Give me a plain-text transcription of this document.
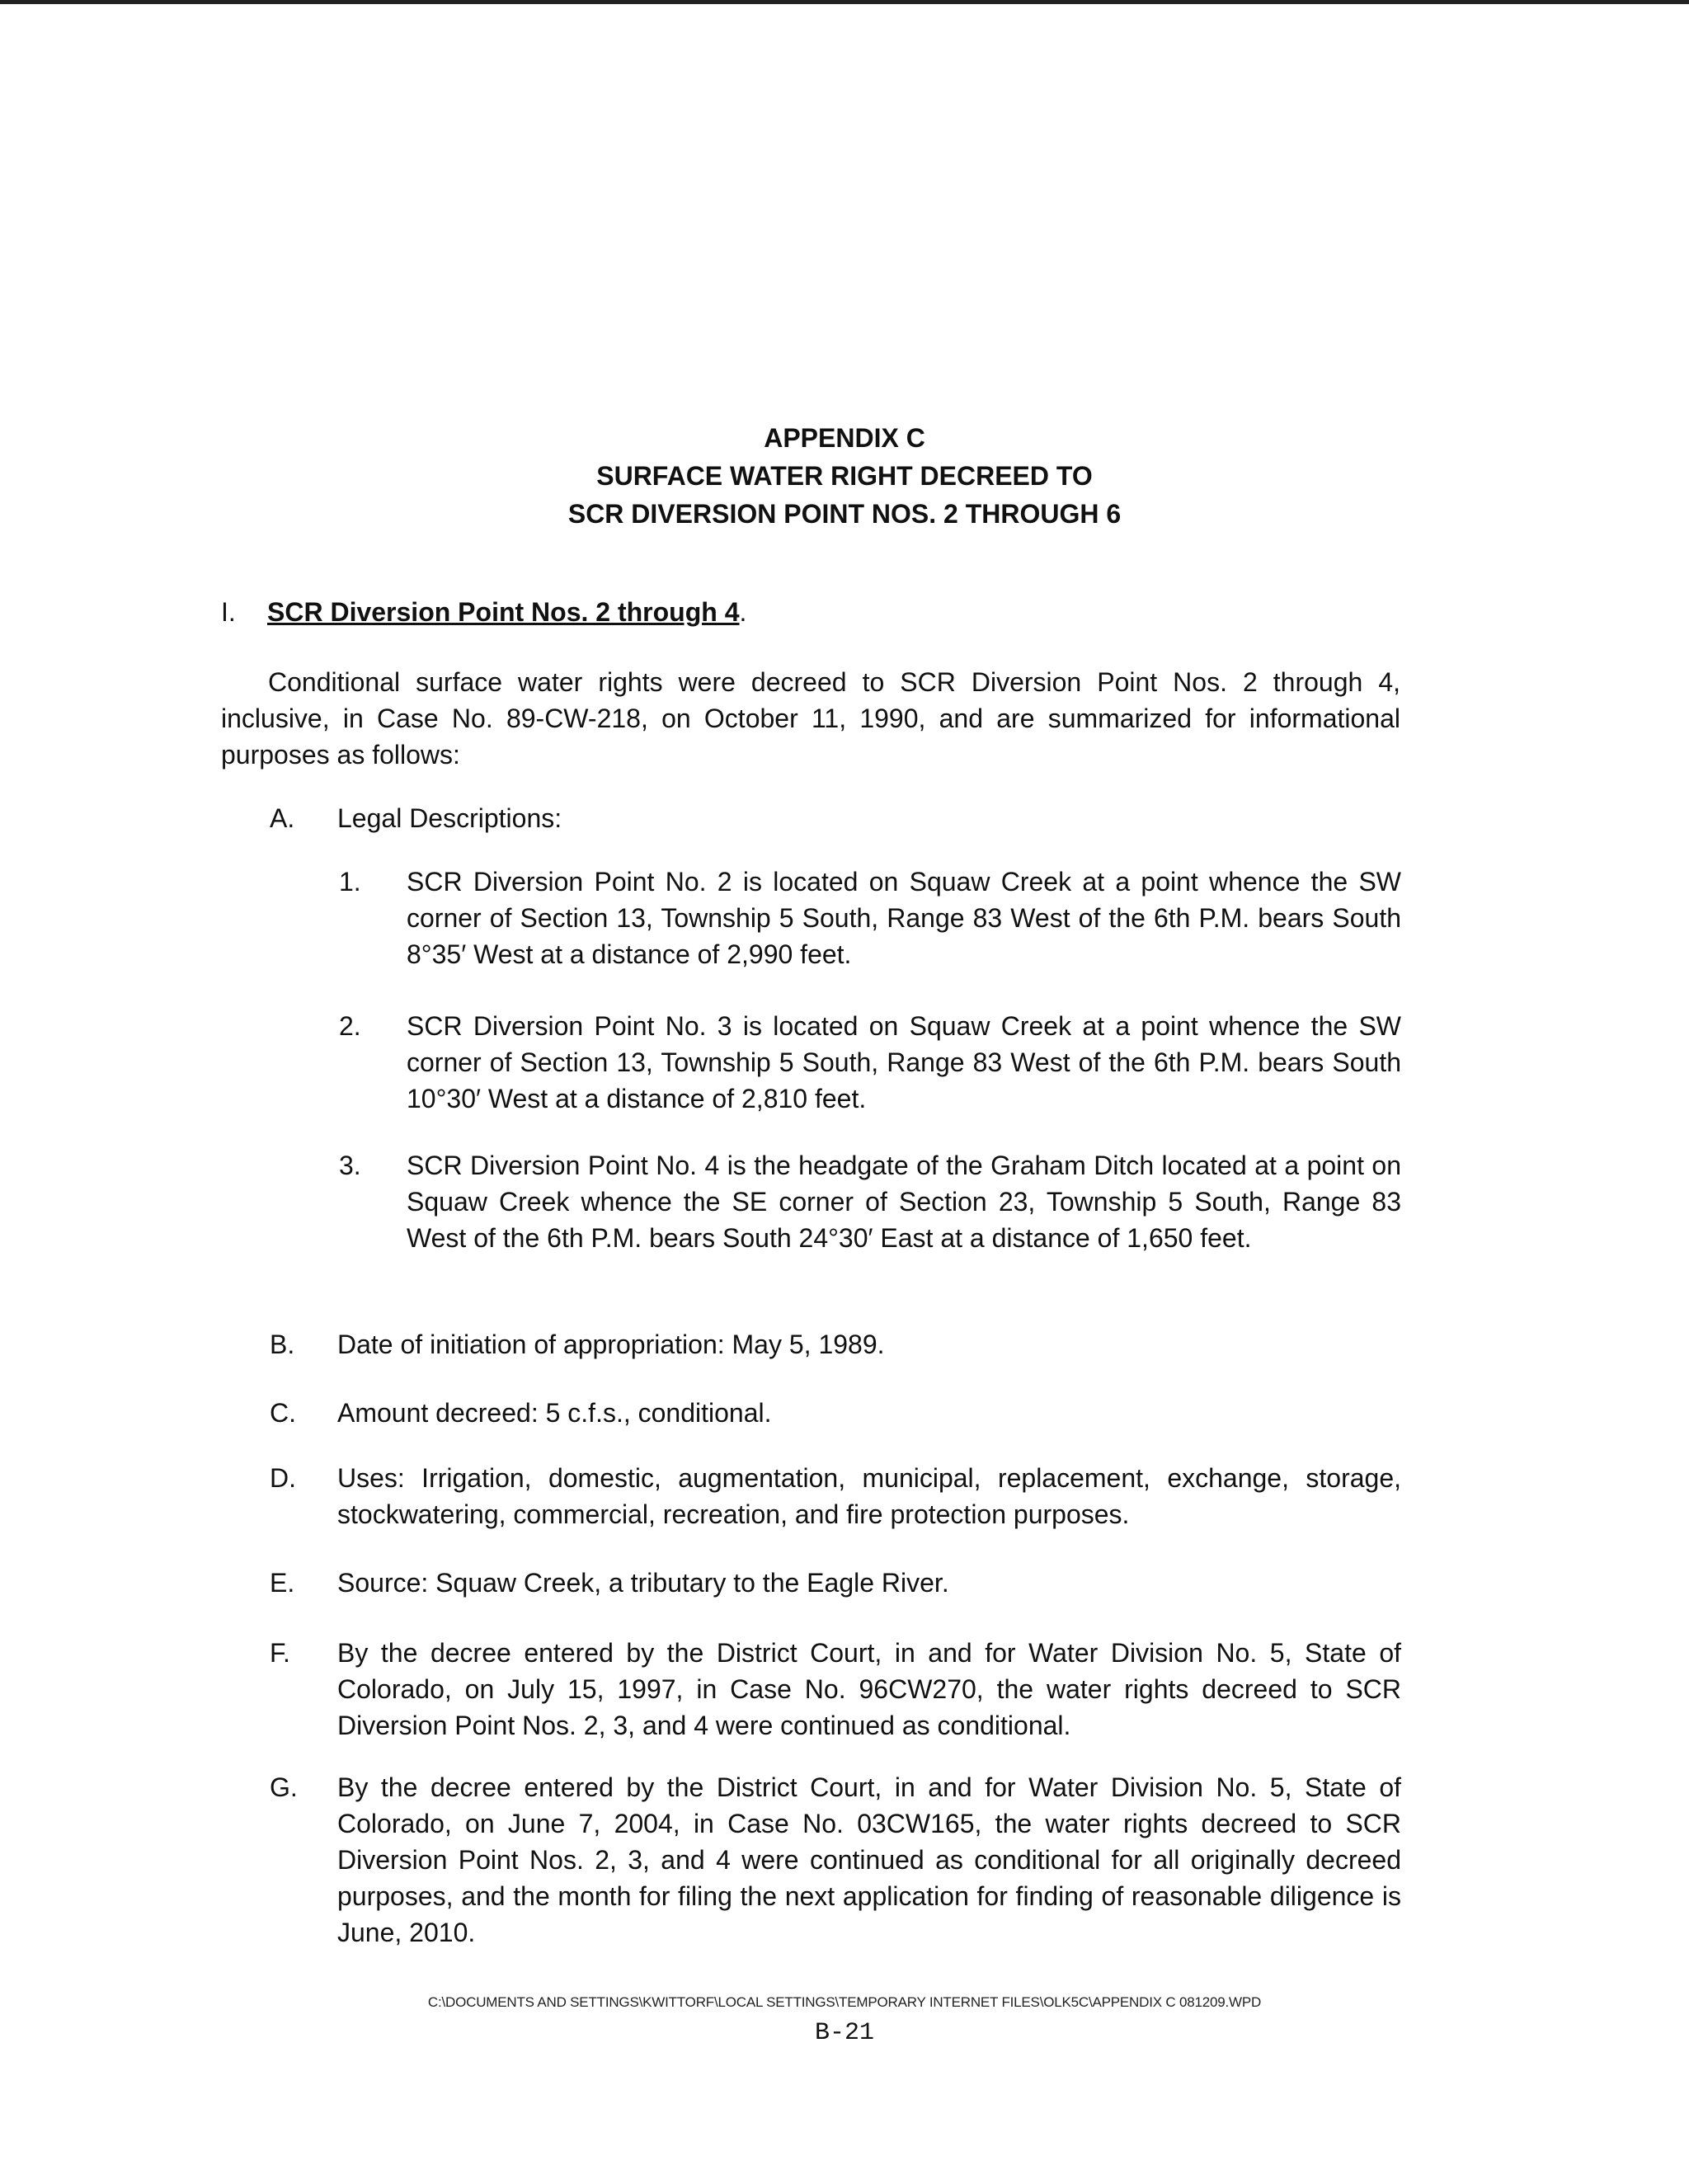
APPENDIX C
SURFACE WATER RIGHT DECREED TO
SCR DIVERSION POINT NOS. 2 THROUGH 6
I. SCR Diversion Point Nos. 2 through 4.
Conditional surface water rights were decreed to SCR Diversion Point Nos. 2 through 4, inclusive, in Case No. 89-CW-218, on October 11, 1990, and are summarized for informational purposes as follows:
A. Legal Descriptions:
1. SCR Diversion Point No. 2 is located on Squaw Creek at a point whence the SW corner of Section 13, Township 5 South, Range 83 West of the 6th P.M. bears South 8°35′ West at a distance of 2,990 feet.
2. SCR Diversion Point No. 3 is located on Squaw Creek at a point whence the SW corner of Section 13, Township 5 South, Range 83 West of the 6th P.M. bears South 10°30′ West at a distance of 2,810 feet.
3. SCR Diversion Point No. 4 is the headgate of the Graham Ditch located at a point on Squaw Creek whence the SE corner of Section 23, Township 5 South, Range 83 West of the 6th P.M. bears South 24°30′ East at a distance of 1,650 feet.
B. Date of initiation of appropriation: May 5, 1989.
C. Amount decreed: 5 c.f.s., conditional.
D. Uses: Irrigation, domestic, augmentation, municipal, replacement, exchange, storage, stockwatering, commercial, recreation, and fire protection purposes.
E. Source: Squaw Creek, a tributary to the Eagle River.
F. By the decree entered by the District Court, in and for Water Division No. 5, State of Colorado, on July 15, 1997, in Case No. 96CW270, the water rights decreed to SCR Diversion Point Nos. 2, 3, and 4 were continued as conditional.
G. By the decree entered by the District Court, in and for Water Division No. 5, State of Colorado, on June 7, 2004, in Case No. 03CW165, the water rights decreed to SCR Diversion Point Nos. 2, 3, and 4 were continued as conditional for all originally decreed purposes, and the month for filing the next application for finding of reasonable diligence is June, 2010.
C:\DOCUMENTS AND SETTINGS\KWITTORF\LOCAL SETTINGS\TEMPORARY INTERNET FILES\OLK5C\APPENDIX C 081209.WPD
B-21
